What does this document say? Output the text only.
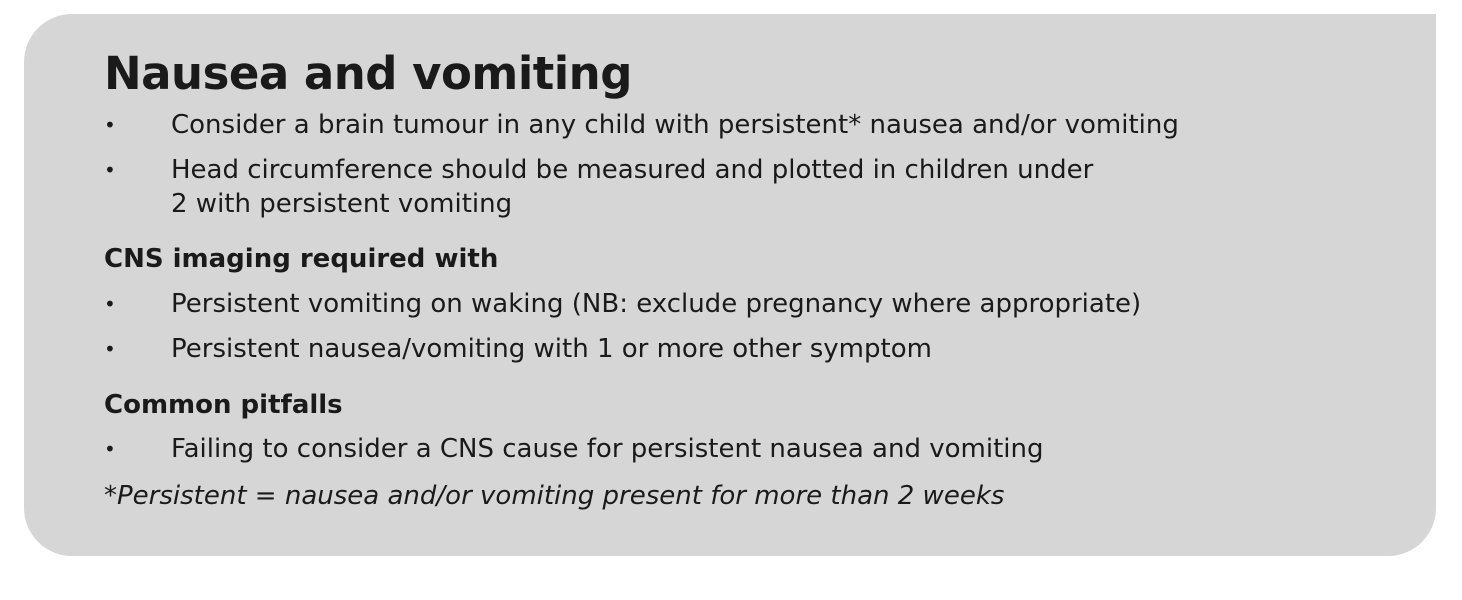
Nausea and vomiting
• Consider a brain tumour in any child with persistent* nausea and/or vomiting
• Head circumference should be measured and plotted in children under
2 with persistent vomiting
CNS imaging required with
• Persistent vomiting on waking (NB: exclude pregnancy where appropriate)
• Persistent nausea/vomiting with 1 or more other symptom
Common pitfalls
• Failing to consider a CNS cause for persistent nausea and vomiting
*Persistent = nausea and/or vomiting present for more than 2 weeks
